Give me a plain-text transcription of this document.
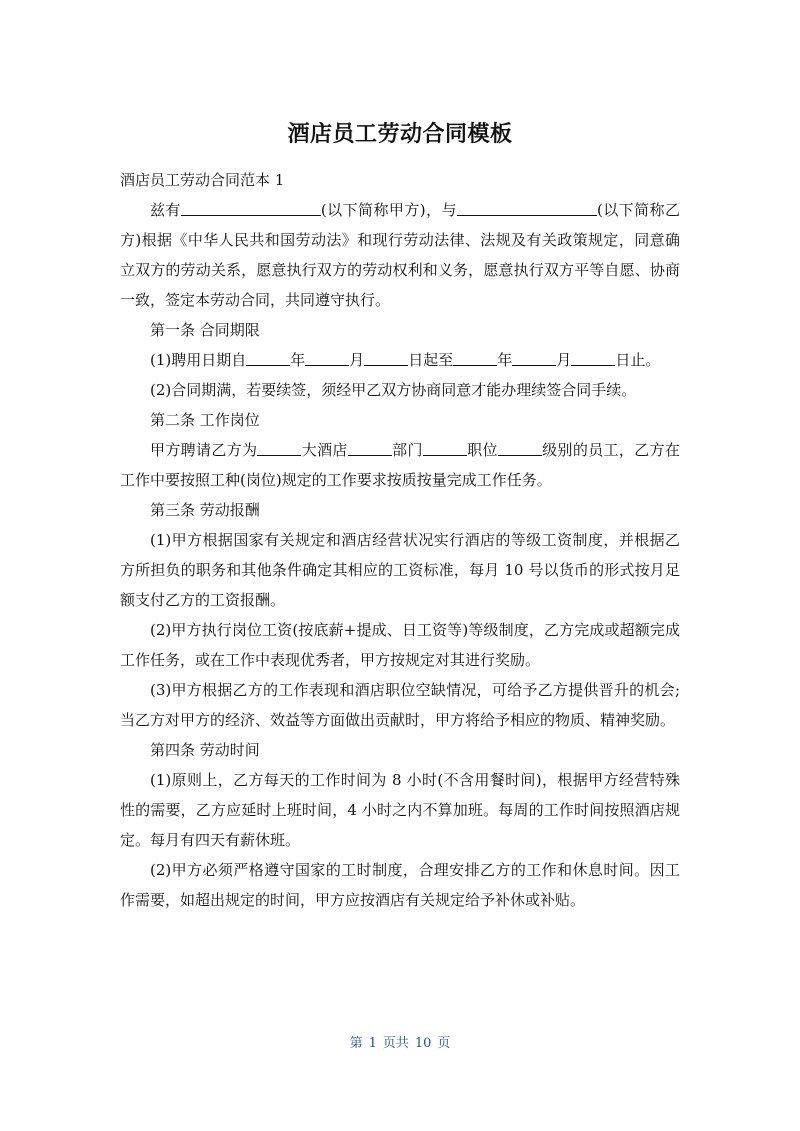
酒店员工劳动合同模板

酒店员工劳动合同范本 1

兹有	(以下简称甲方)，与	(以下简称乙方)根据《中华人民共和国劳动法》和现行劳动法律、法规及有关政策规定，同意确立双方的劳动关系，愿意执行双方的劳动权利和义务，愿意执行双方平等自愿、协商一致，签定本劳动合同，共同遵守执行。

第一条 合同期限

(1)聘用日期自	年	月	日起至	年	月	日止。

(2)合同期满，若要续签，须经甲乙双方协商同意才能办理续签合同手续。

第二条 工作岗位

甲方聘请乙方为	大酒店	部门	职位	级别的员工，乙方在工作中要按照工种(岗位)规定的工作要求按质按量完成工作任务。

第三条 劳动报酬

(1)甲方根据国家有关规定和酒店经营状况实行酒店的等级工资制度，并根据乙方所担负的职务和其他条件确定其相应的工资标准，每月 10 号以货币的形式按月足额支付乙方的工资报酬。

(2)甲方执行岗位工资(按底薪+提成、日工资等)等级制度，乙方完成或超额完成工作任务，或在工作中表现优秀者，甲方按规定对其进行奖励。

(3)甲方根据乙方的工作表现和酒店职位空缺情况，可给予乙方提供晋升的机会;当乙方对甲方的经济、效益等方面做出贡献时，甲方将给予相应的物质、精神奖励。

第四条 劳动时间

(1)原则上，乙方每天的工作时间为 8 小时(不含用餐时间)，根据甲方经营特殊性的需要，乙方应延时上班时间，4 小时之内不算加班。每周的工作时间按照酒店规定。每月有四天有薪休班。

(2)甲方必须严格遵守国家的工时制度，合理安排乙方的工作和休息时间。因工作需要，如超出规定的时间，甲方应按酒店有关规定给予补休或补贴。

第 1 页共 10 页
